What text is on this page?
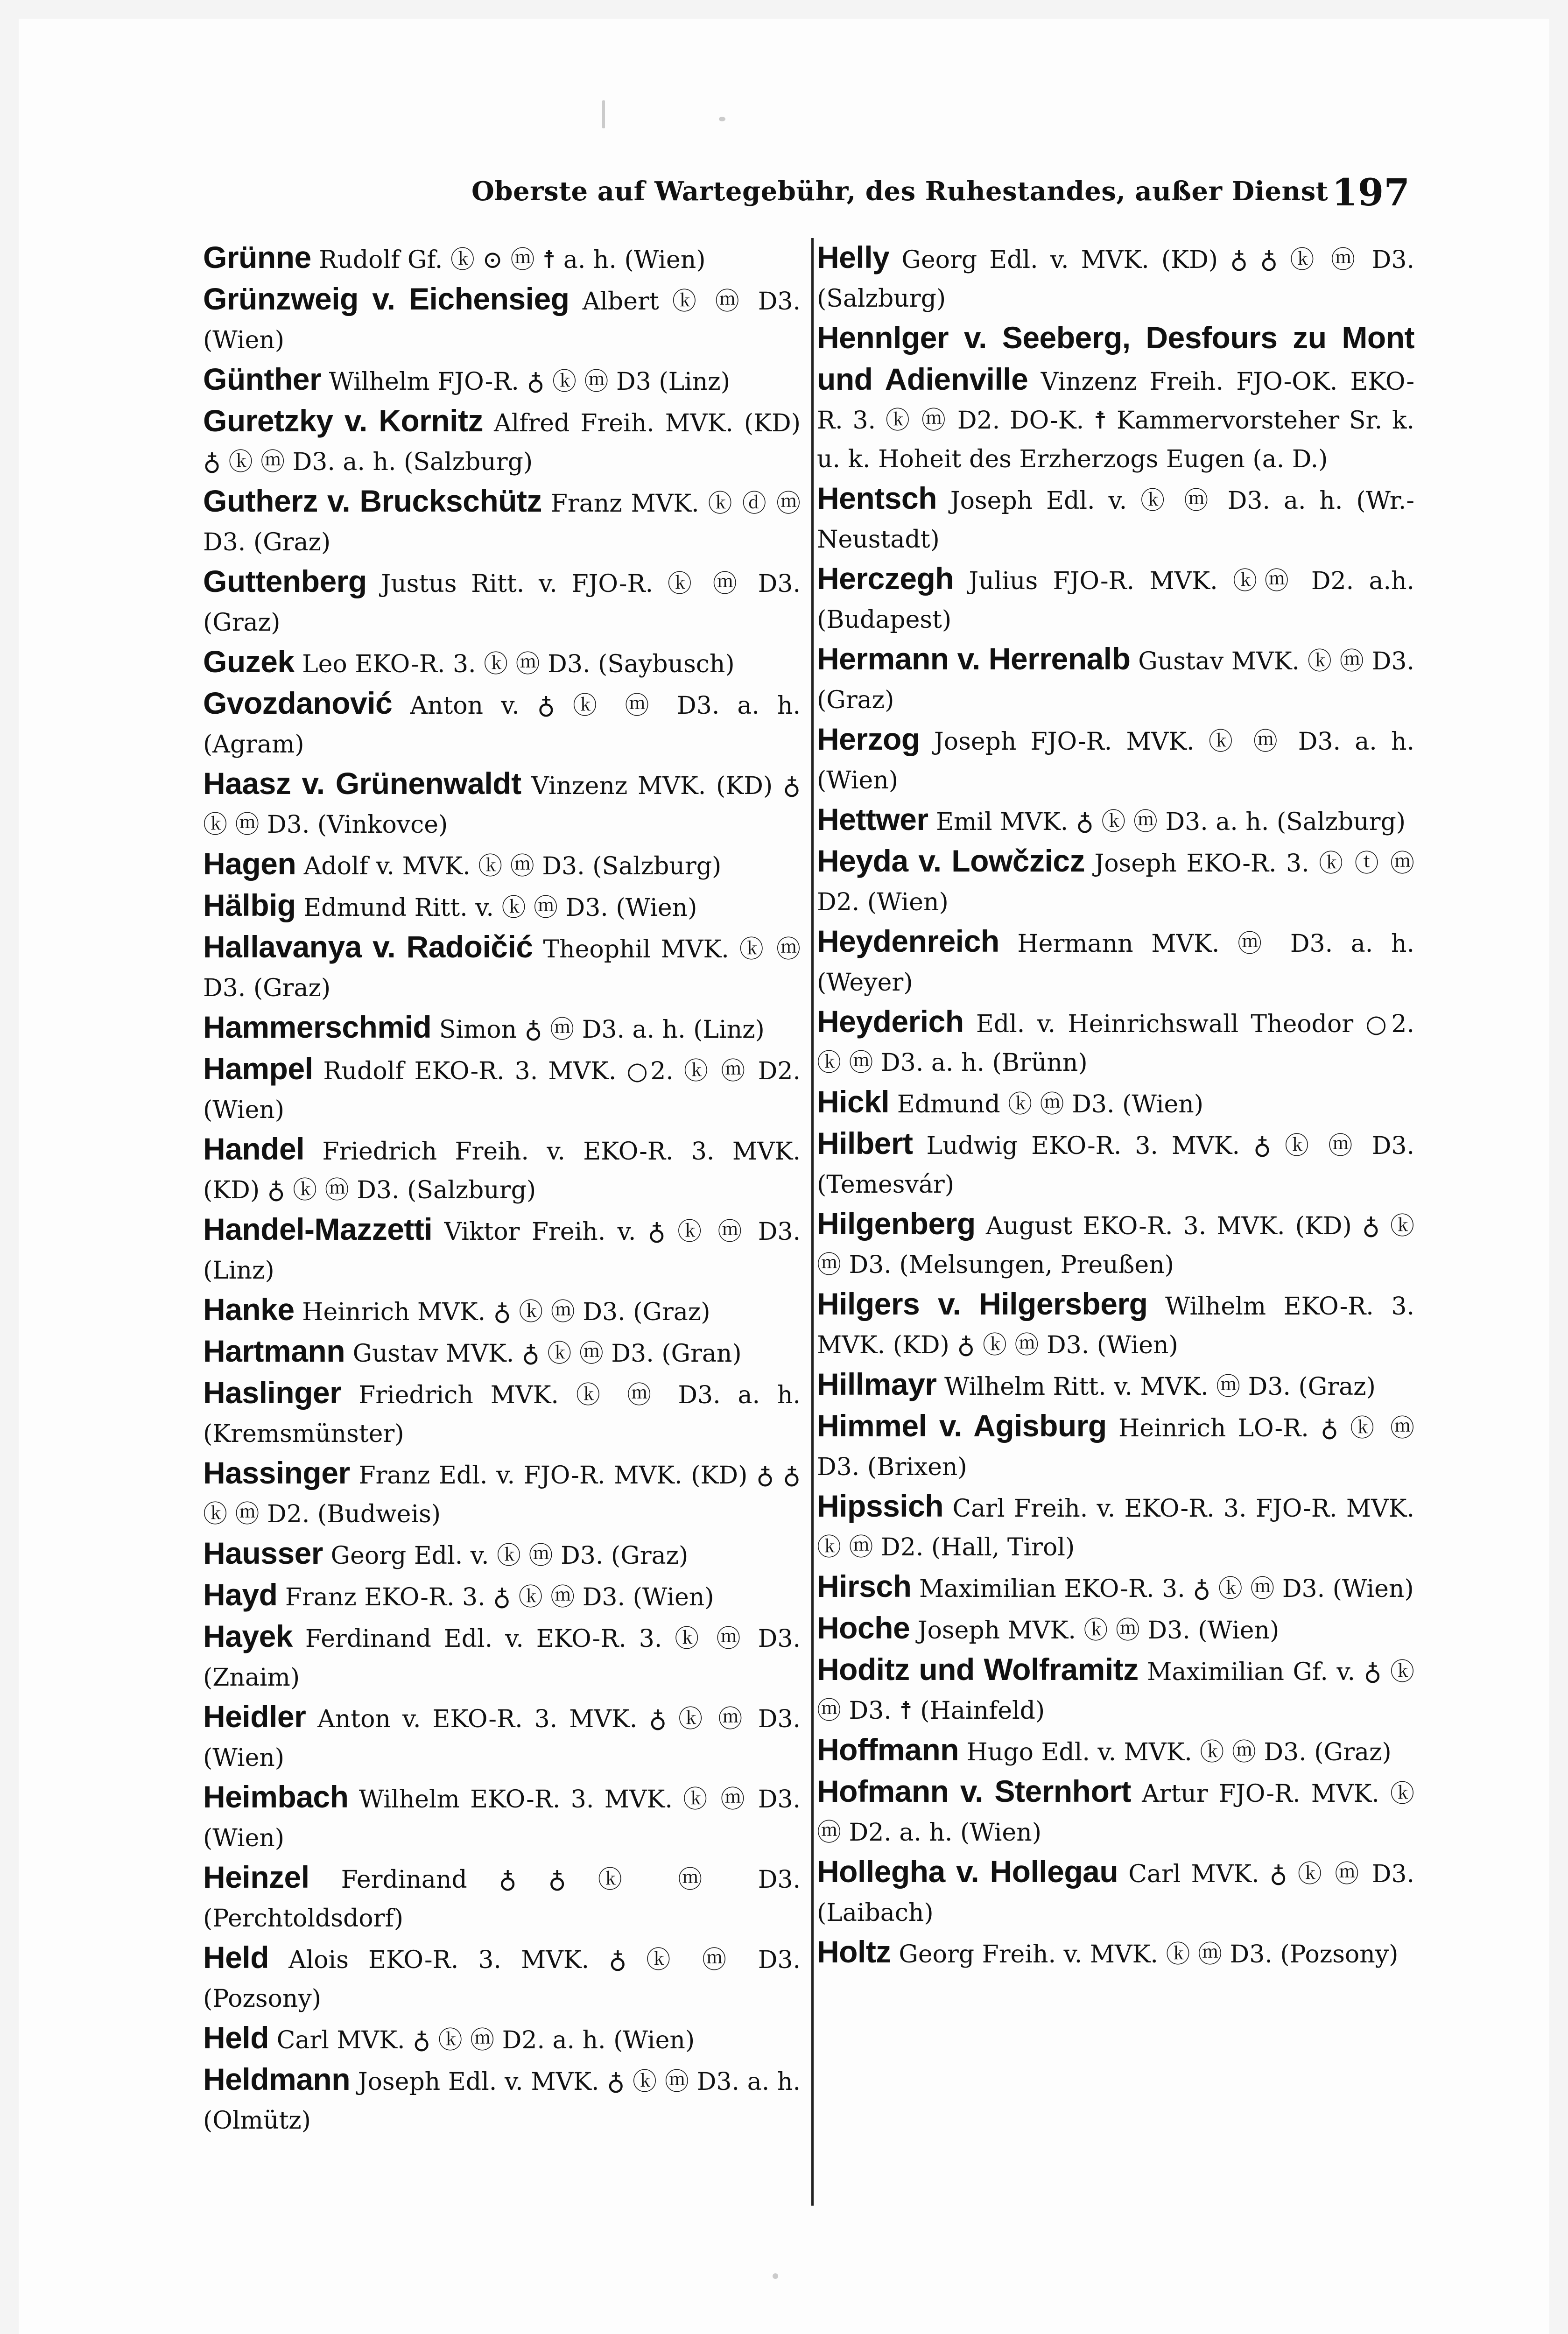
Oberste auf Wartegebühr, des Ruhestandes, außer Dienst 197

Grünne Rudolf Gf. ⓚ ⊙ ⓜ ☨ a. h. (Wien)

Grünzweig v. Eichensieg Albert ⓚ ⓜ D3. (Wien)

Günther Wilhelm FJO-R. ♁ ⓚ ⓜ D3 (Linz)

Guretzky v. Kornitz Alfred Freih. MVK. (KD) ♁ ⓚ ⓜ D3. a. h. (Salzburg)

Gutherz v. Bruckschütz Franz MVK. ⓚ ⓓ ⓜ D3. (Graz)

Guttenberg Justus Ritt. v. FJO-R. ⓚ ⓜ D3. (Graz)

Guzek Leo EKO-R. 3. ⓚ ⓜ D3. (Saybusch)

Gvozdanović Anton v. ♁ ⓚ ⓜ D3. a. h. (Agram)

Haasz v. Grünenwaldt Vinzenz MVK. (KD) ♁ ⓚ ⓜ D3. (Vinkovce)

Hagen Adolf v. MVK. ⓚ ⓜ D3. (Salzburg)

Hälbig Edmund Ritt. v. ⓚ ⓜ D3. (Wien)

Hallavanya v. Radoičić Theophil MVK. ⓚ ⓜ D3. (Graz)

Hammerschmid Simon ♁ ⓜ D3. a. h. (Linz)

Hampel Rudolf EKO-R. 3. MVK. ○2. ⓚ ⓜ D2. (Wien)

Handel Friedrich Freih. v. EKO-R. 3. MVK. (KD) ♁ ⓚ ⓜ D3. (Salzburg)

Handel-Mazzetti Viktor Freih. v. ♁ ⓚ ⓜ D3. (Linz)

Hanke Heinrich MVK. ♁ ⓚ ⓜ D3. (Graz)

Hartmann Gustav MVK. ♁ ⓚ ⓜ D3. (Gran)

Haslinger Friedrich MVK. ⓚ ⓜ D3. a. h. (Kremsmünster)

Hassinger Franz Edl. v. FJO-R. MVK. (KD) ♁ ♁ ⓚ ⓜ D2. (Budweis)

Hausser Georg Edl. v. ⓚ ⓜ D3. (Graz)

Hayd Franz EKO-R. 3. ♁ ⓚ ⓜ D3. (Wien)

Hayek Ferdinand Edl. v. EKO-R. 3. ⓚ ⓜ D3. (Znaim)

Heidler Anton v. EKO-R. 3. MVK. ♁ ⓚ ⓜ D3. (Wien)

Heimbach Wilhelm EKO-R. 3. MVK. ⓚ ⓜ D3. (Wien)

Heinzel Ferdinand ♁ ♁ ⓚ ⓜ D3. (Perchtoldsdorf)

Held Alois EKO-R. 3. MVK. ♁ ⓚ ⓜ D3. (Pozsony)

Held Carl MVK. ♁ ⓚ ⓜ D2. a. h. (Wien)

Heldmann Joseph Edl. v. MVK. ♁ ⓚ ⓜ D3. a. h. (Olmütz)

Helly Georg Edl. v. MVK. (KD) ♁ ♁ ⓚ ⓜ D3. (Salzburg)

Hennlger v. Seeberg, Desfours zu Mont und Adienville Vinzenz Freih. FJO-OK. EKO-R. 3. ⓚ ⓜ D2. DO-K. ☨ Kammervorsteher Sr. k. u. k. Hoheit des Erzherzogs Eugen (a. D.)

Hentsch Joseph Edl. v. ⓚ ⓜ D3. a. h. (Wr.-Neustadt)

Herczegh Julius FJO-R. MVK. ⓚⓜ D2. a.h. (Budapest)

Hermann v. Herrenalb Gustav MVK. ⓚ ⓜ D3. (Graz)

Herzog Joseph FJO-R. MVK. ⓚ ⓜ D3. a. h. (Wien)

Hettwer Emil MVK. ♁ ⓚ ⓜ D3. a. h. (Salzburg)

Heyda v. Lowčzicz Joseph EKO-R. 3. ⓚ ⓣ ⓜ D2. (Wien)

Heydenreich Hermann MVK. ⓜ D3. a. h. (Weyer)

Heyderich Edl. v. Heinrichswall Theodor ○2. ⓚ ⓜ D3. a. h. (Brünn)

Hickl Edmund ⓚ ⓜ D3. (Wien)

Hilbert Ludwig EKO-R. 3. MVK. ♁ ⓚ ⓜ D3. (Temesvár)

Hilgenberg August EKO-R. 3. MVK. (KD) ♁ ⓚ ⓜ D3. (Melsungen, Preußen)

Hilgers v. Hilgersberg Wilhelm EKO-R. 3. MVK. (KD) ♁ ⓚ ⓜ D3. (Wien)

Hillmayr Wilhelm Ritt. v. MVK. ⓜ D3. (Graz)

Himmel v. Agisburg Heinrich LO-R. ♁ ⓚ ⓜ D3. (Brixen)

Hipssich Carl Freih. v. EKO-R. 3. FJO-R. MVK. ⓚ ⓜ D2. (Hall, Tirol)

Hirsch Maximilian EKO-R. 3. ♁ ⓚ ⓜ D3. (Wien)

Hoche Joseph MVK. ⓚ ⓜ D3. (Wien)

Hoditz und Wolframitz Maximilian Gf. v. ♁ ⓚ ⓜ D3. ☨ (Hainfeld)

Hoffmann Hugo Edl. v. MVK. ⓚ ⓜ D3. (Graz)

Hofmann v. Sternhort Artur FJO-R. MVK. ⓚ ⓜ D2. a. h. (Wien)

Hollegha v. Hollegau Carl MVK. ♁ ⓚ ⓜ D3. (Laibach)

Holtz Georg Freih. v. MVK. ⓚ ⓜ D3. (Pozsony)
